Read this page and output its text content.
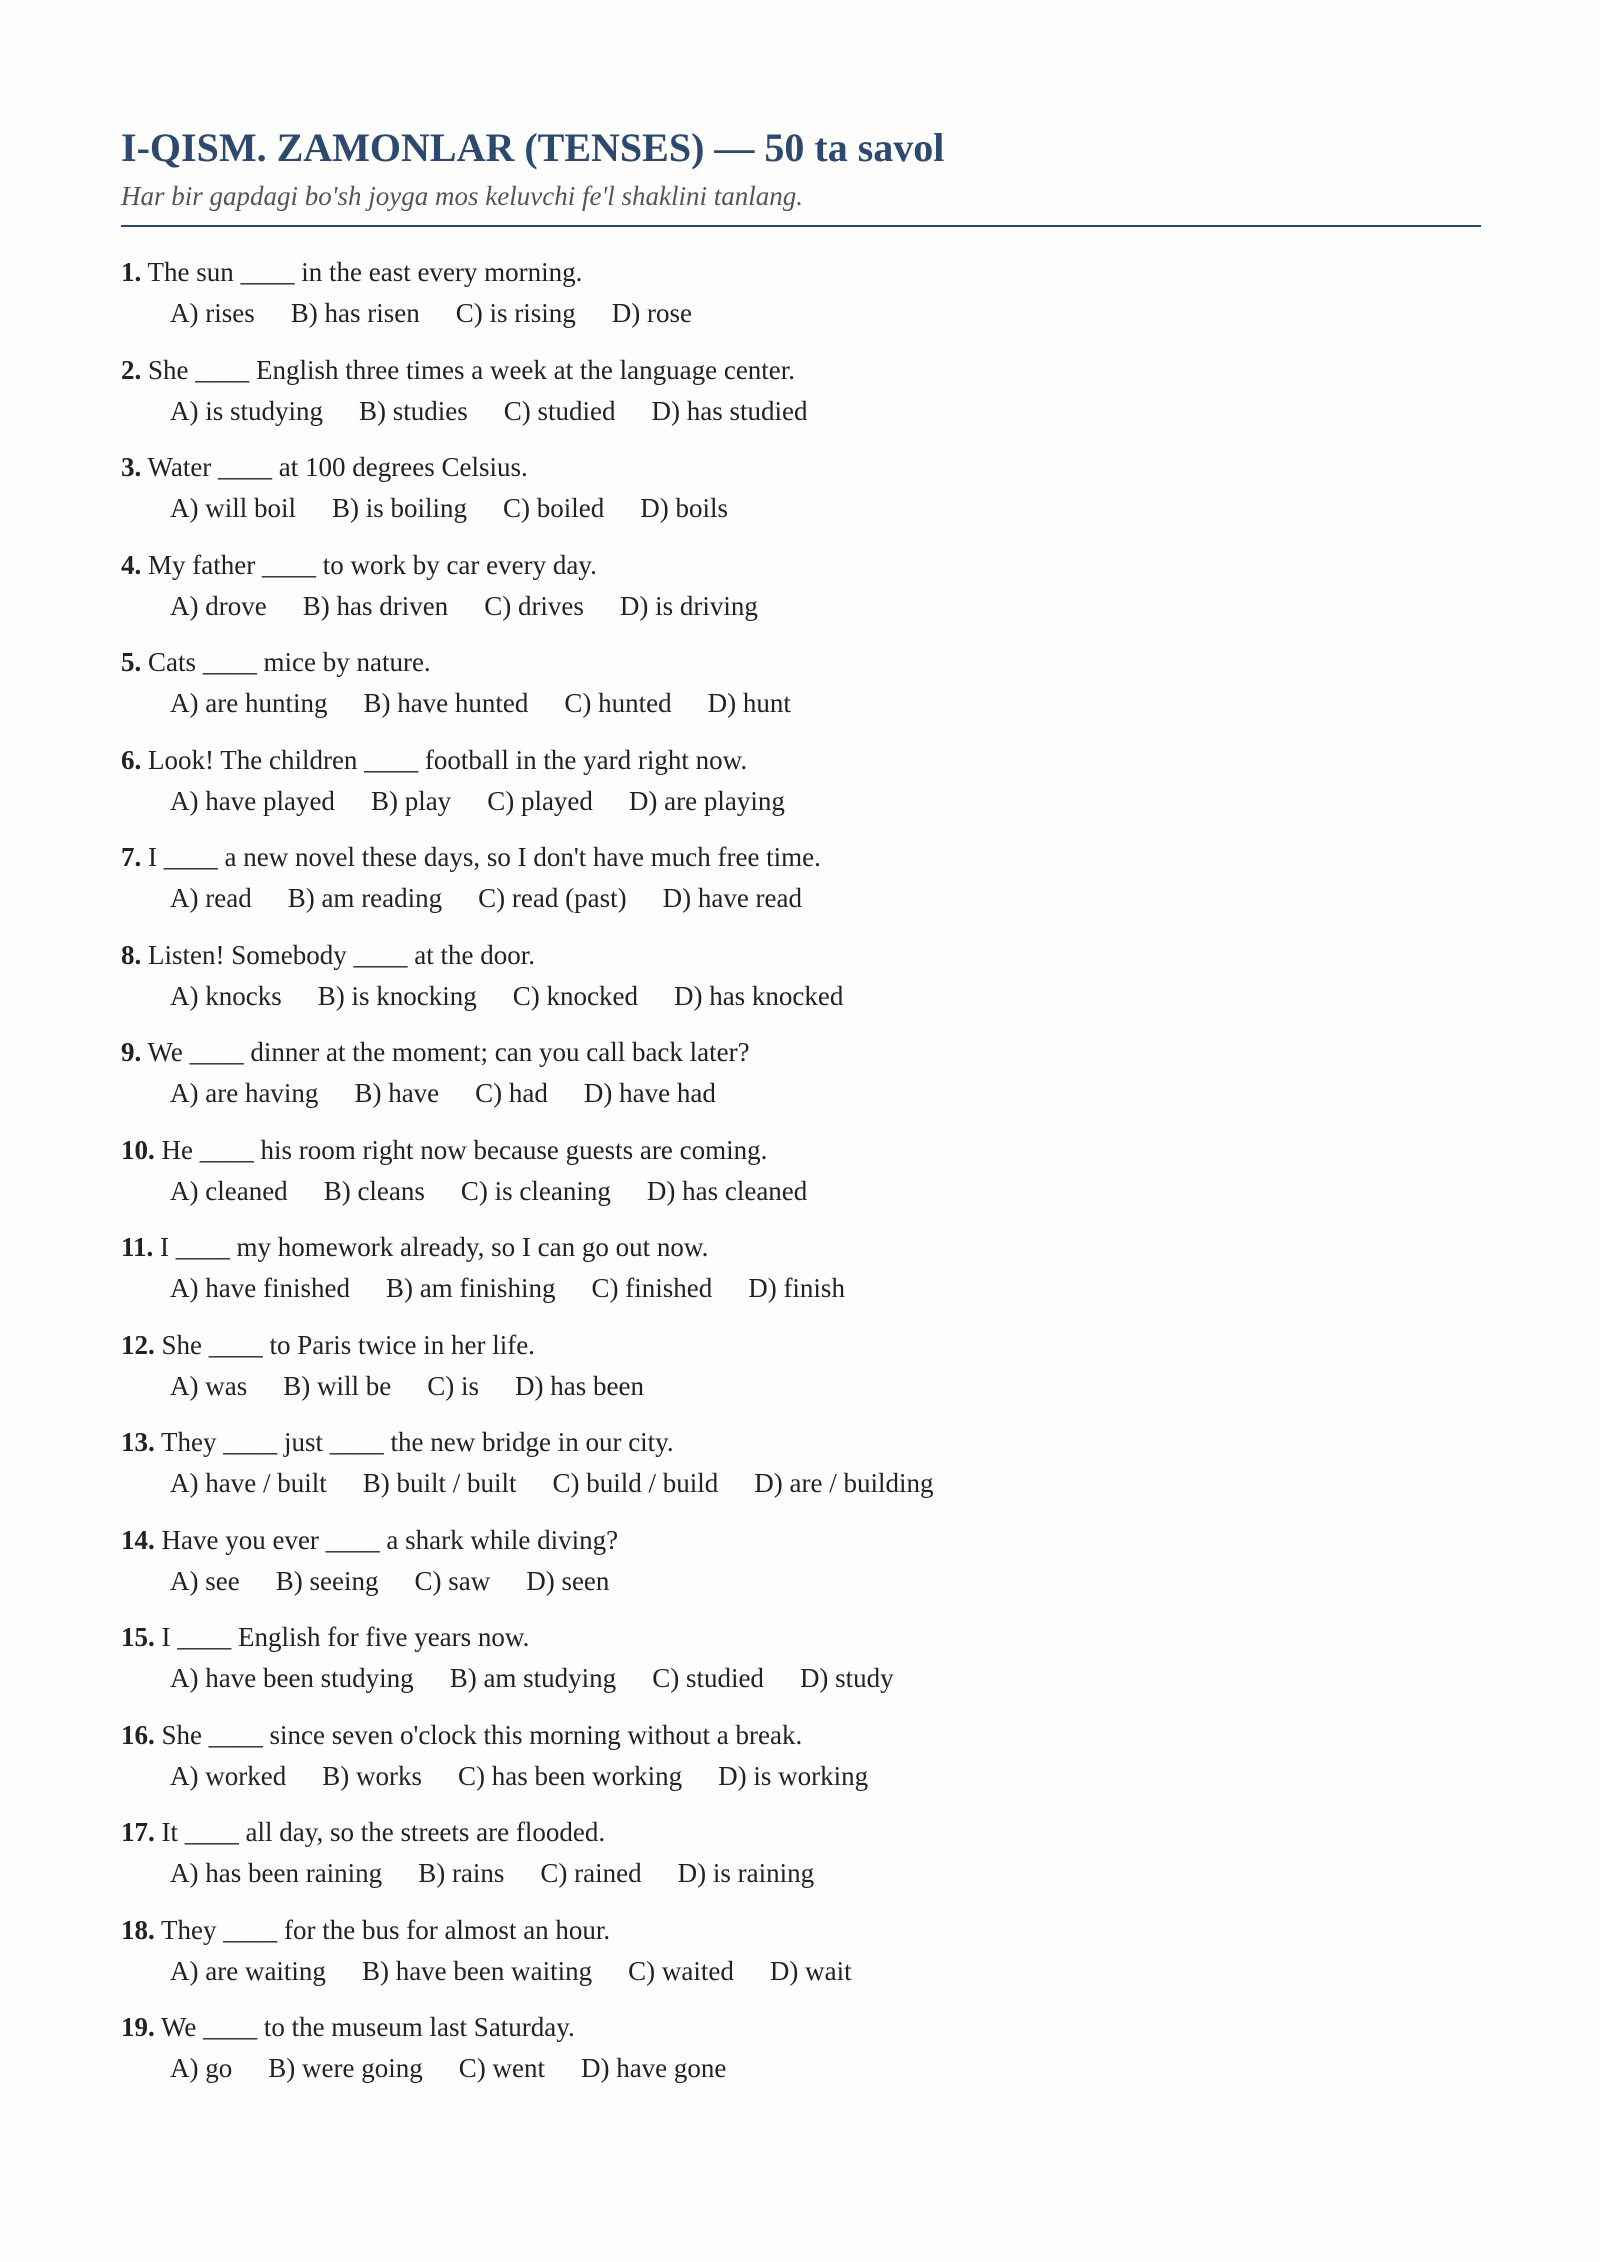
I-QISM. ZAMONLAR (TENSES) — 50 ta savol

Har bir gapdagi bo'sh joyga mos keluvchi fe'l shaklini tanlang.

1. The sun ____ in the east every morning.
A) rises B) has risen C) is rising D) rose
2. She ____ English three times a week at the language center.
A) is studying B) studies C) studied D) has studied
3. Water ____ at 100 degrees Celsius.
A) will boil B) is boiling C) boiled D) boils
4. My father ____ to work by car every day.
A) drove B) has driven C) drives D) is driving
5. Cats ____ mice by nature.
A) are hunting B) have hunted C) hunted D) hunt
6. Look! The children ____ football in the yard right now.
A) have played B) play C) played D) are playing
7. I ____ a new novel these days, so I don't have much free time.
A) read B) am reading C) read (past) D) have read
8. Listen! Somebody ____ at the door.
A) knocks B) is knocking C) knocked D) has knocked
9. We ____ dinner at the moment; can you call back later?
A) are having B) have C) had D) have had
10. He ____ his room right now because guests are coming.
A) cleaned B) cleans C) is cleaning D) has cleaned
11. I ____ my homework already, so I can go out now.
A) have finished B) am finishing C) finished D) finish
12. She ____ to Paris twice in her life.
A) was B) will be C) is D) has been
13. They ____ just ____ the new bridge in our city.
A) have / built B) built / built C) build / build D) are / building
14. Have you ever ____ a shark while diving?
A) see B) seeing C) saw D) seen
15. I ____ English for five years now.
A) have been studying B) am studying C) studied D) study
16. She ____ since seven o'clock this morning without a break.
A) worked B) works C) has been working D) is working
17. It ____ all day, so the streets are flooded.
A) has been raining B) rains C) rained D) is raining
18. They ____ for the bus for almost an hour.
A) are waiting B) have been waiting C) waited D) wait
19. We ____ to the museum last Saturday.
A) go B) were going C) went D) have gone
